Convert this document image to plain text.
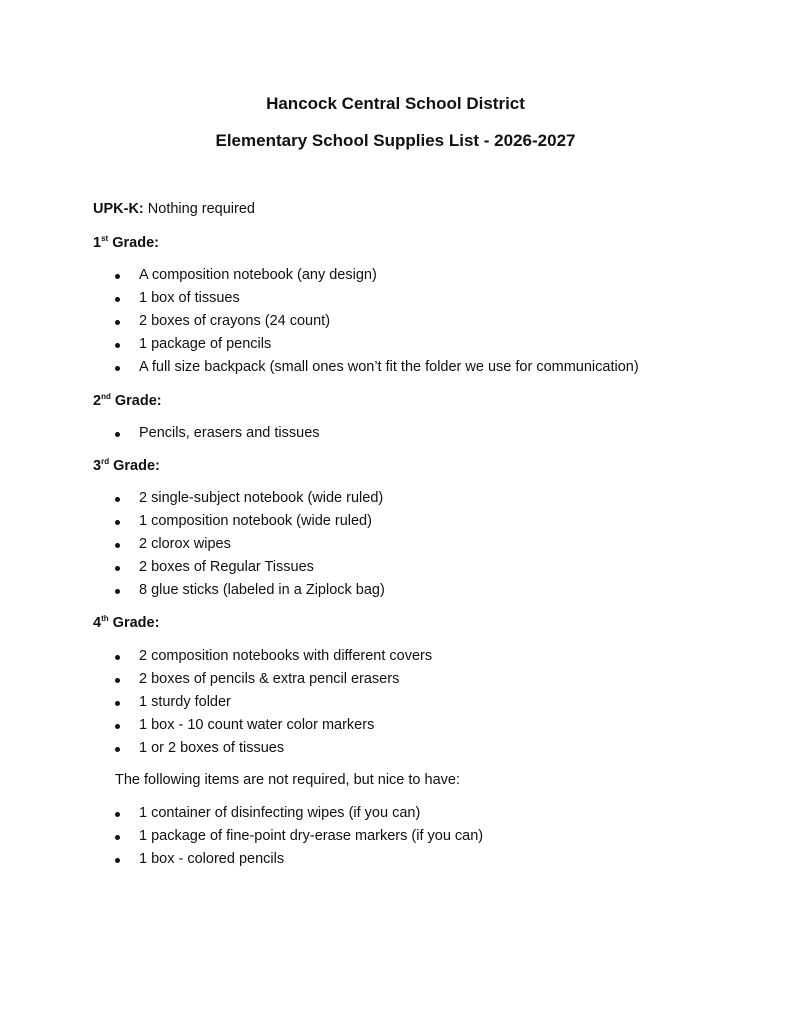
Hancock Central School District
Elementary School Supplies List - 2026-2027
UPK-K: Nothing required
1st Grade:
A composition notebook (any design)
1 box of tissues
2 boxes of crayons (24 count)
1 package of pencils
A full size backpack (small ones won’t fit the folder we use for communication)
2nd Grade:
Pencils, erasers and tissues
3rd Grade:
2 single-subject notebook (wide ruled)
1 composition notebook (wide ruled)
2 clorox wipes
2 boxes of Regular Tissues
8 glue sticks (labeled in a Ziplock bag)
4th Grade:
2 composition notebooks with different covers
2 boxes of pencils & extra pencil erasers
1 sturdy folder
1 box - 10 count water color markers
1 or 2 boxes of tissues
The following items are not required, but nice to have:
1 container of disinfecting wipes (if you can)
1 package of fine-point dry-erase markers (if you can)
1 box - colored pencils
